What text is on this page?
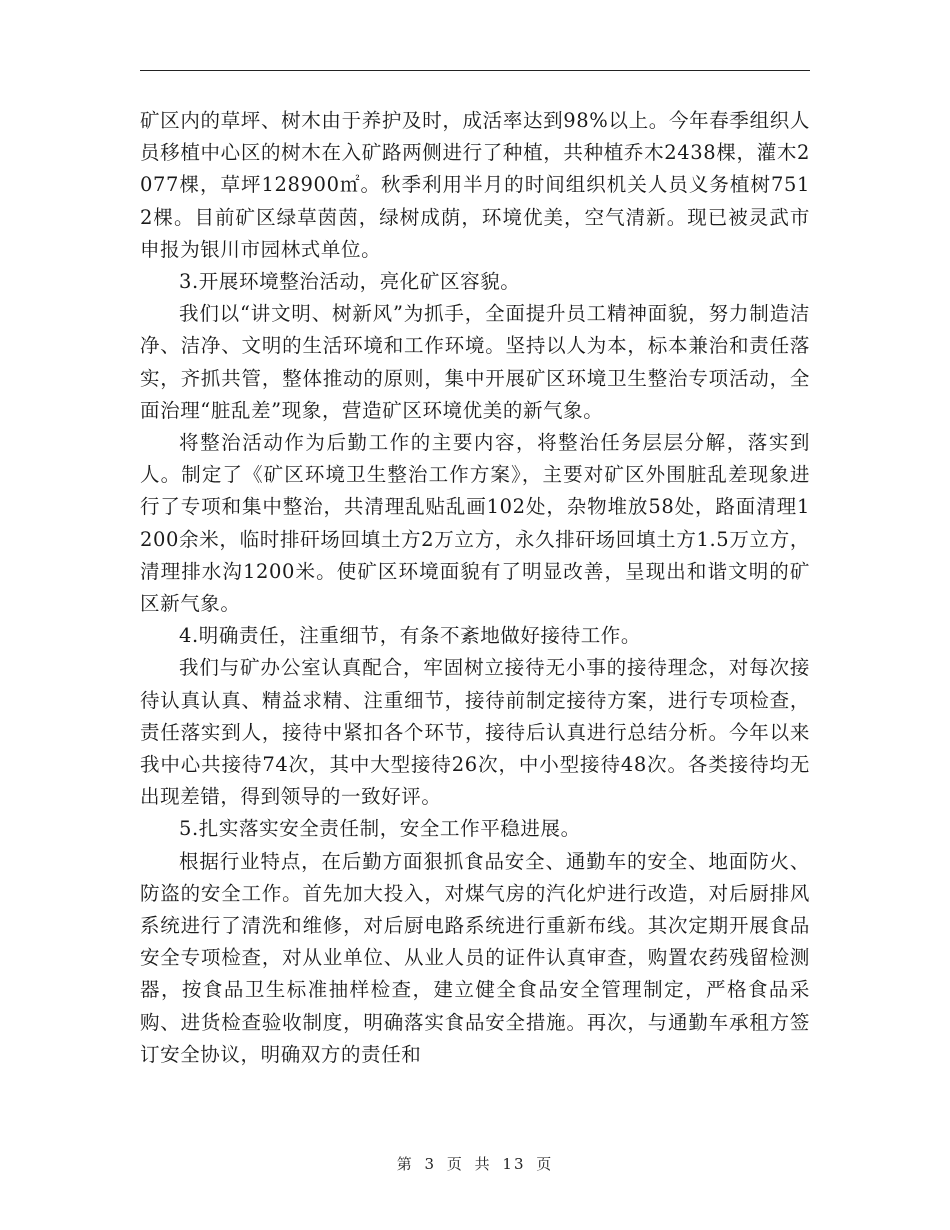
矿区内的草坪、树木由于养护及时，成活率达到98%以上。今年春季组织人员移植中心区的树木在入矿路两侧进行了种植，共种植乔木2438棵，灌木2077棵，草坪128900㎡。秋季利用半月的时间组织机关人员义务植树7512棵。目前矿区绿草茵茵，绿树成荫，环境优美，空气清新。现已被灵武市申报为银川市园林式单位。

3.开展环境整治活动，亮化矿区容貌。

我们以“讲文明、树新风”为抓手，全面提升员工精神面貌，努力制造洁净、洁净、文明的生活环境和工作环境。坚持以人为本，标本兼治和责任落实，齐抓共管，整体推动的原则，集中开展矿区环境卫生整治专项活动，全面治理“脏乱差”现象，营造矿区环境优美的新气象。

将整治活动作为后勤工作的主要内容，将整治任务层层分解，落实到人。制定了《矿区环境卫生整治工作方案》，主要对矿区外围脏乱差现象进行了专项和集中整治，共清理乱贴乱画102处，杂物堆放58处，路面清理1200余米，临时排矸场回填土方2万立方，永久排矸场回填土方1.5万立方，清理排水沟1200米。使矿区环境面貌有了明显改善，呈现出和谐文明的矿区新气象。

4.明确责任，注重细节，有条不紊地做好接待工作。

我们与矿办公室认真配合，牢固树立接待无小事的接待理念，对每次接待认真认真、精益求精、注重细节，接待前制定接待方案，进行专项检查，责任落实到人，接待中紧扣各个环节，接待后认真进行总结分析。今年以来我中心共接待74次，其中大型接待26次，中小型接待48次。各类接待均无出现差错，得到领导的一致好评。

5.扎实落实安全责任制，安全工作平稳进展。

根据行业特点，在后勤方面狠抓食品安全、通勤车的安全、地面防火、防盗的安全工作。首先加大投入，对煤气房的汽化炉进行改造，对后厨排风系统进行了清洗和维修，对后厨电路系统进行重新布线。其次定期开展食品安全专项检查，对从业单位、从业人员的证件认真审查，购置农药残留检测器，按食品卫生标准抽样检查，建立健全食品安全管理制定，严格食品采购、进货检查验收制度，明确落实食品安全措施。再次，与通勤车承租方签订安全协议，明确双方的责任和

第 3 页 共 13 页
